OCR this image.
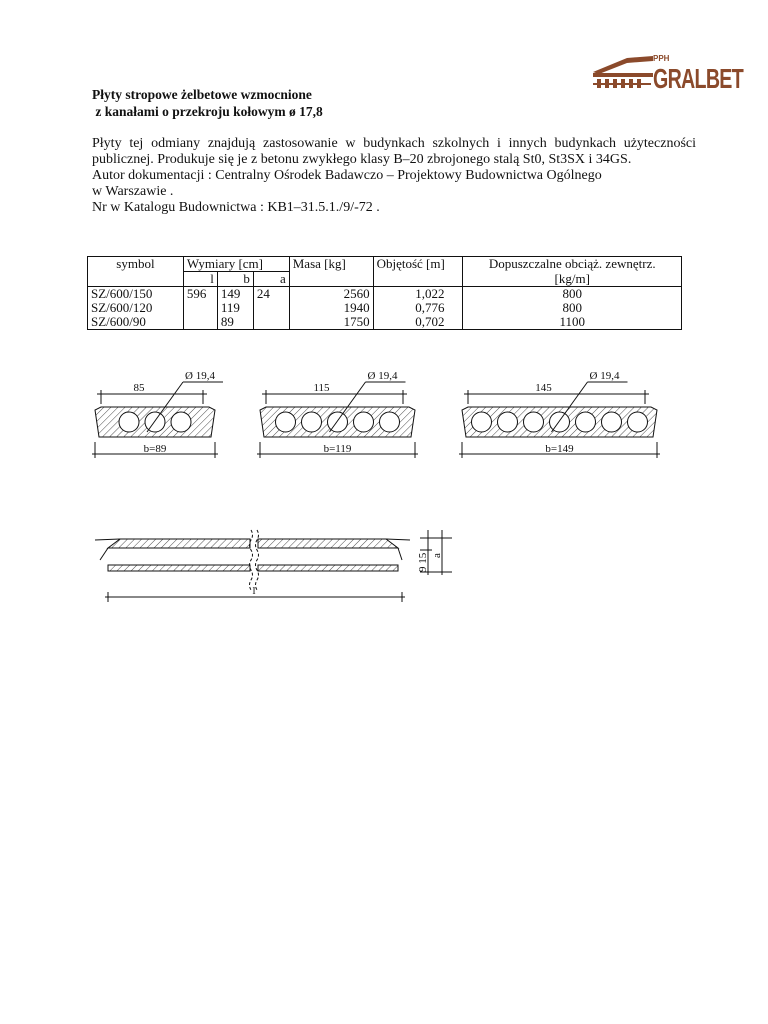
Płyty stropowe żelbetowe wzmocnione
z kanałami o przekroju kołowym ø 17,8
PPH
GRALBET
Płyty tej odmiany znajdują zastosowanie w budynkach szkolnych i innych budynkach użyteczności publicznej. Produkuje się je z betonu zwykłego klasy B–20 zbrojonego stalą St0, St3SX i 34GS.
Autor dokumentacji : Centralny Ośrodek Badawczo – Projektowy Budownictwa Ogólnego
w Warszawie .
Nr w Katalogu Budownictwa : KB1–31.5.1./9/-72 .
symbol	Wymiary [cm]			Masa [kg]	Objętość [m]	Dopuszczalne obciąż. zewnętrz.
	l	b	a			[kg/m]
SZ/600/150	596	149	24	2560	1,022	800
SZ/600/120		119		1940	0,776	800
SZ/600/90		89		1750	0,702	1100
85
Ø 19,4
b=89
115
Ø 19,4
b=119
145
Ø 19,4
b=149
l
9 15 a
